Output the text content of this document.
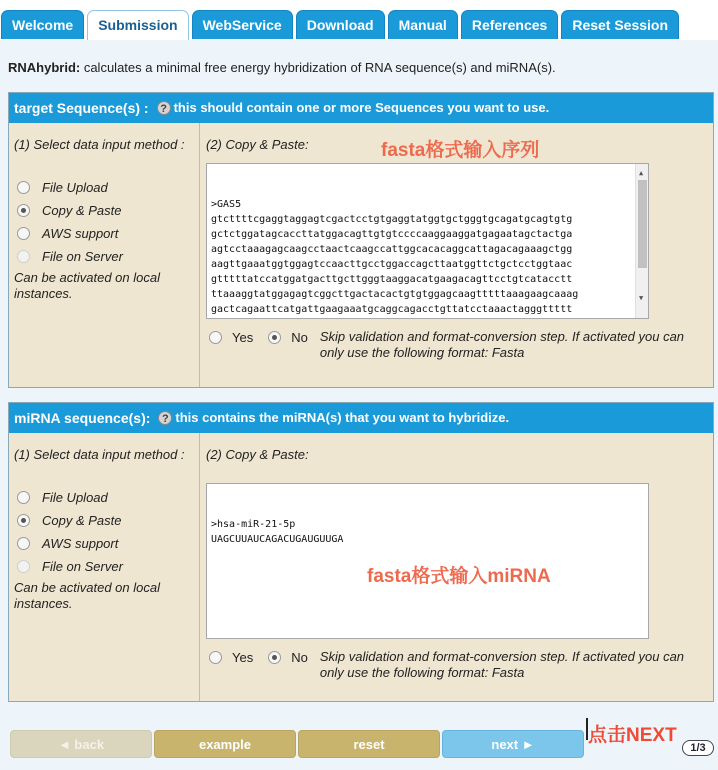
Welcome	Submission	WebService	Download	Manual	References	Reset Session
RNAhybrid: calculates a minimal free energy hybridization of RNA sequence(s) and miRNA(s).
target Sequence(s) :	? this should contain one or more Sequences you want to use.
(1) Select data input method :
File Upload
Copy & Paste
AWS support
File on Server
Can be activated on local instances.
(2) Copy & Paste:	fasta格式输入序列

>GAS5
gtcttttcgaggtaggagtcgactcctgtgaggtatggtgctgggtgcagatgcagtgtg
gctctggatagcaccttatggacagttgtgtccccaaggaaggatgagaatagctactga
agtcctaaagagcaagcctaactcaagccattggcacacaggcattagacagaaagctgg
aagttgaaatggtggagtccaacttgcctggaccagcttaatggttctgctcctggtaac
gtttttatccatggatgacttgcttgggtaaggacatgaagacagttcctgtcatacctt
ttaaaggtatggagagtcggcttgactacactgtgtggagcaagtttttaaagaagcaaag
gactcagaattcatgattgaagaaatgcaggcagacctgttatcctaaactagggttttt

▲

▼

Yes	No Skip validation and format-conversion step. If activated you can only use the following format: Fasta
miRNA sequence(s):	? this contains the miRNA(s) that you want to hybridize.
(1) Select data input method :
File Upload
Copy & Paste
AWS support
File on Server
Can be activated on local instances.
(2) Copy & Paste:

>hsa-miR-21-5p
UAGCUUAUCAGACUGAUGUUGA

fasta格式输入miRNA
Yes	No Skip validation and format-conversion step. If activated you can only use the following format: Fasta
◄ back	example	reset	next ►	点击NEXT
1/3
